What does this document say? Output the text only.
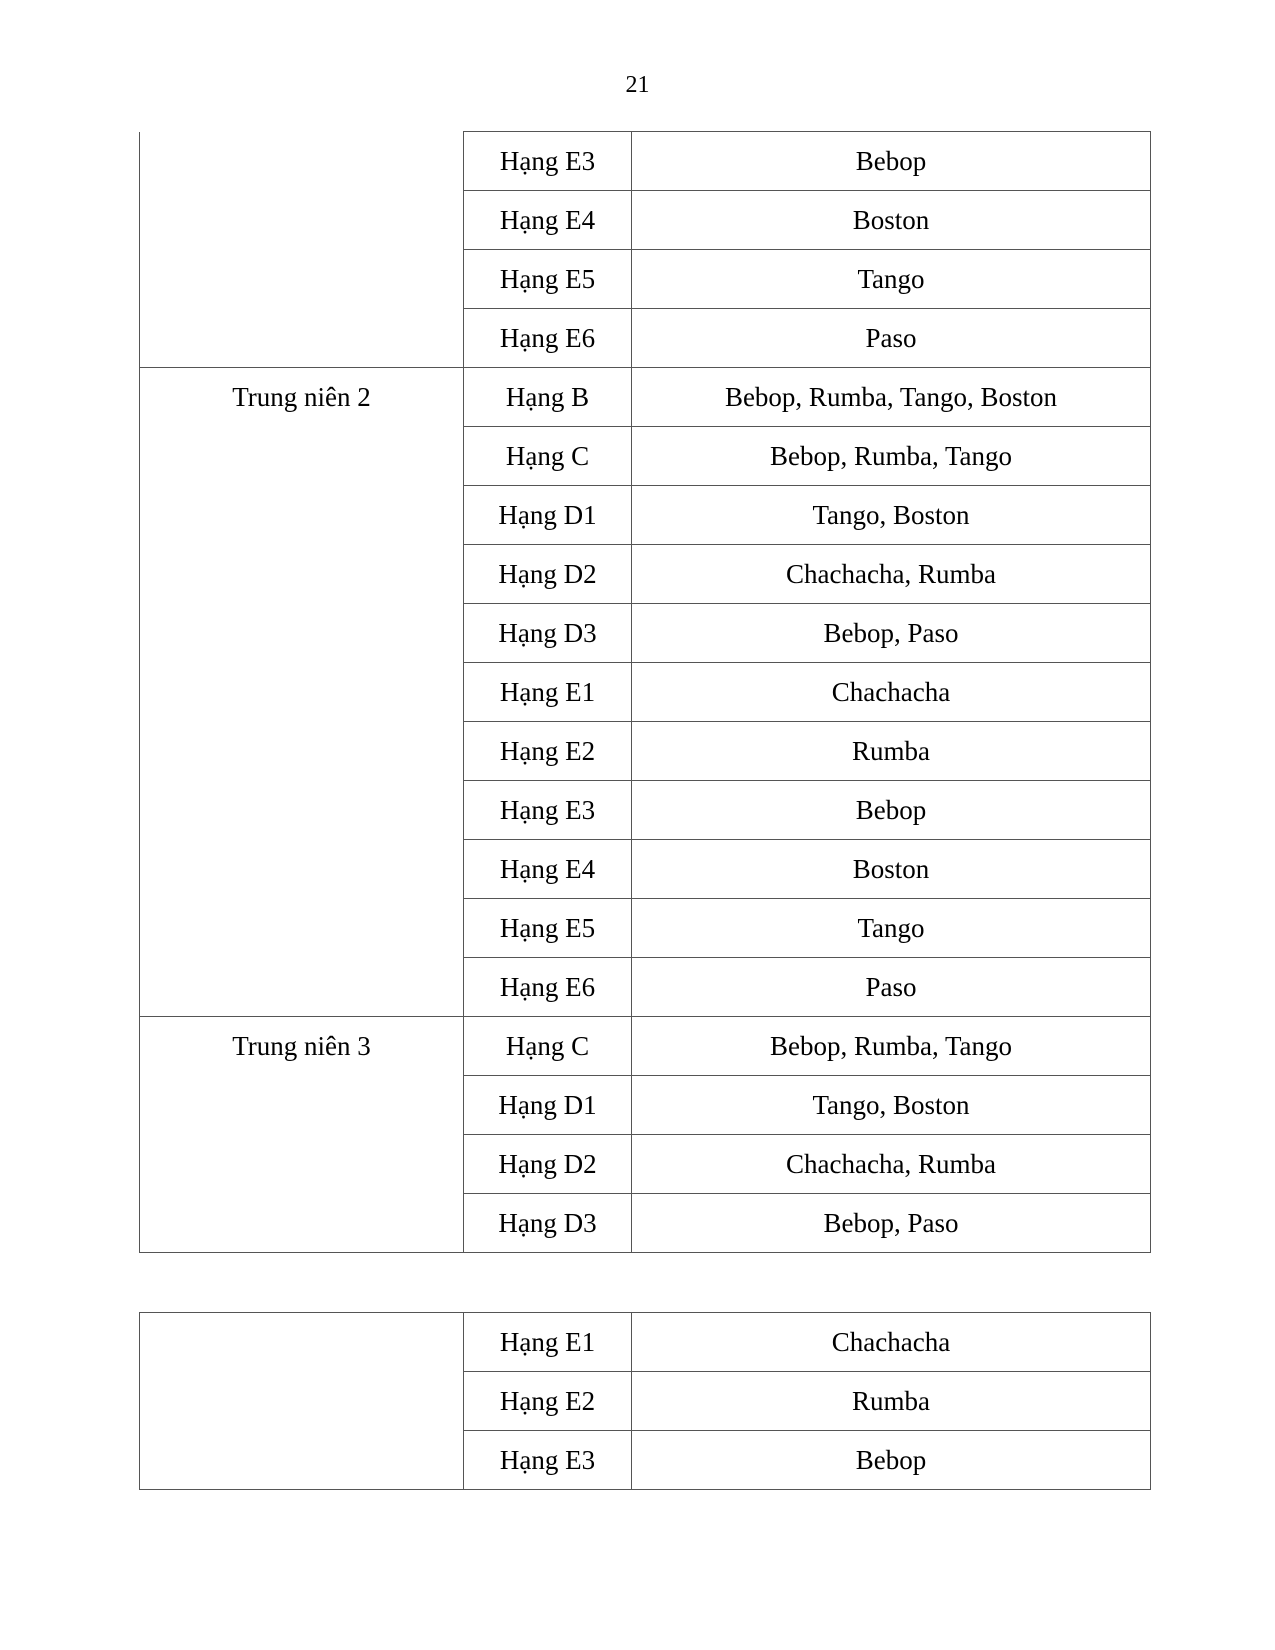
21
	Hạng E3	Bebop
	Hạng E4	Boston
	Hạng E5	Tango
	Hạng E6	Paso
Trung niên 2	Hạng B	Bebop, Rumba, Tango, Boston
	Hạng C	Bebop, Rumba, Tango
	Hạng D1	Tango, Boston
	Hạng D2	Chachacha, Rumba
	Hạng D3	Bebop, Paso
	Hạng E1	Chachacha
	Hạng E2	Rumba
	Hạng E3	Bebop
	Hạng E4	Boston
	Hạng E5	Tango
	Hạng E6	Paso
Trung niên 3	Hạng C	Bebop, Rumba, Tango
	Hạng D1	Tango, Boston
	Hạng D2	Chachacha, Rumba
	Hạng D3	Bebop, Paso
	Hạng E1	Chachacha
	Hạng E2	Rumba
	Hạng E3	Bebop
